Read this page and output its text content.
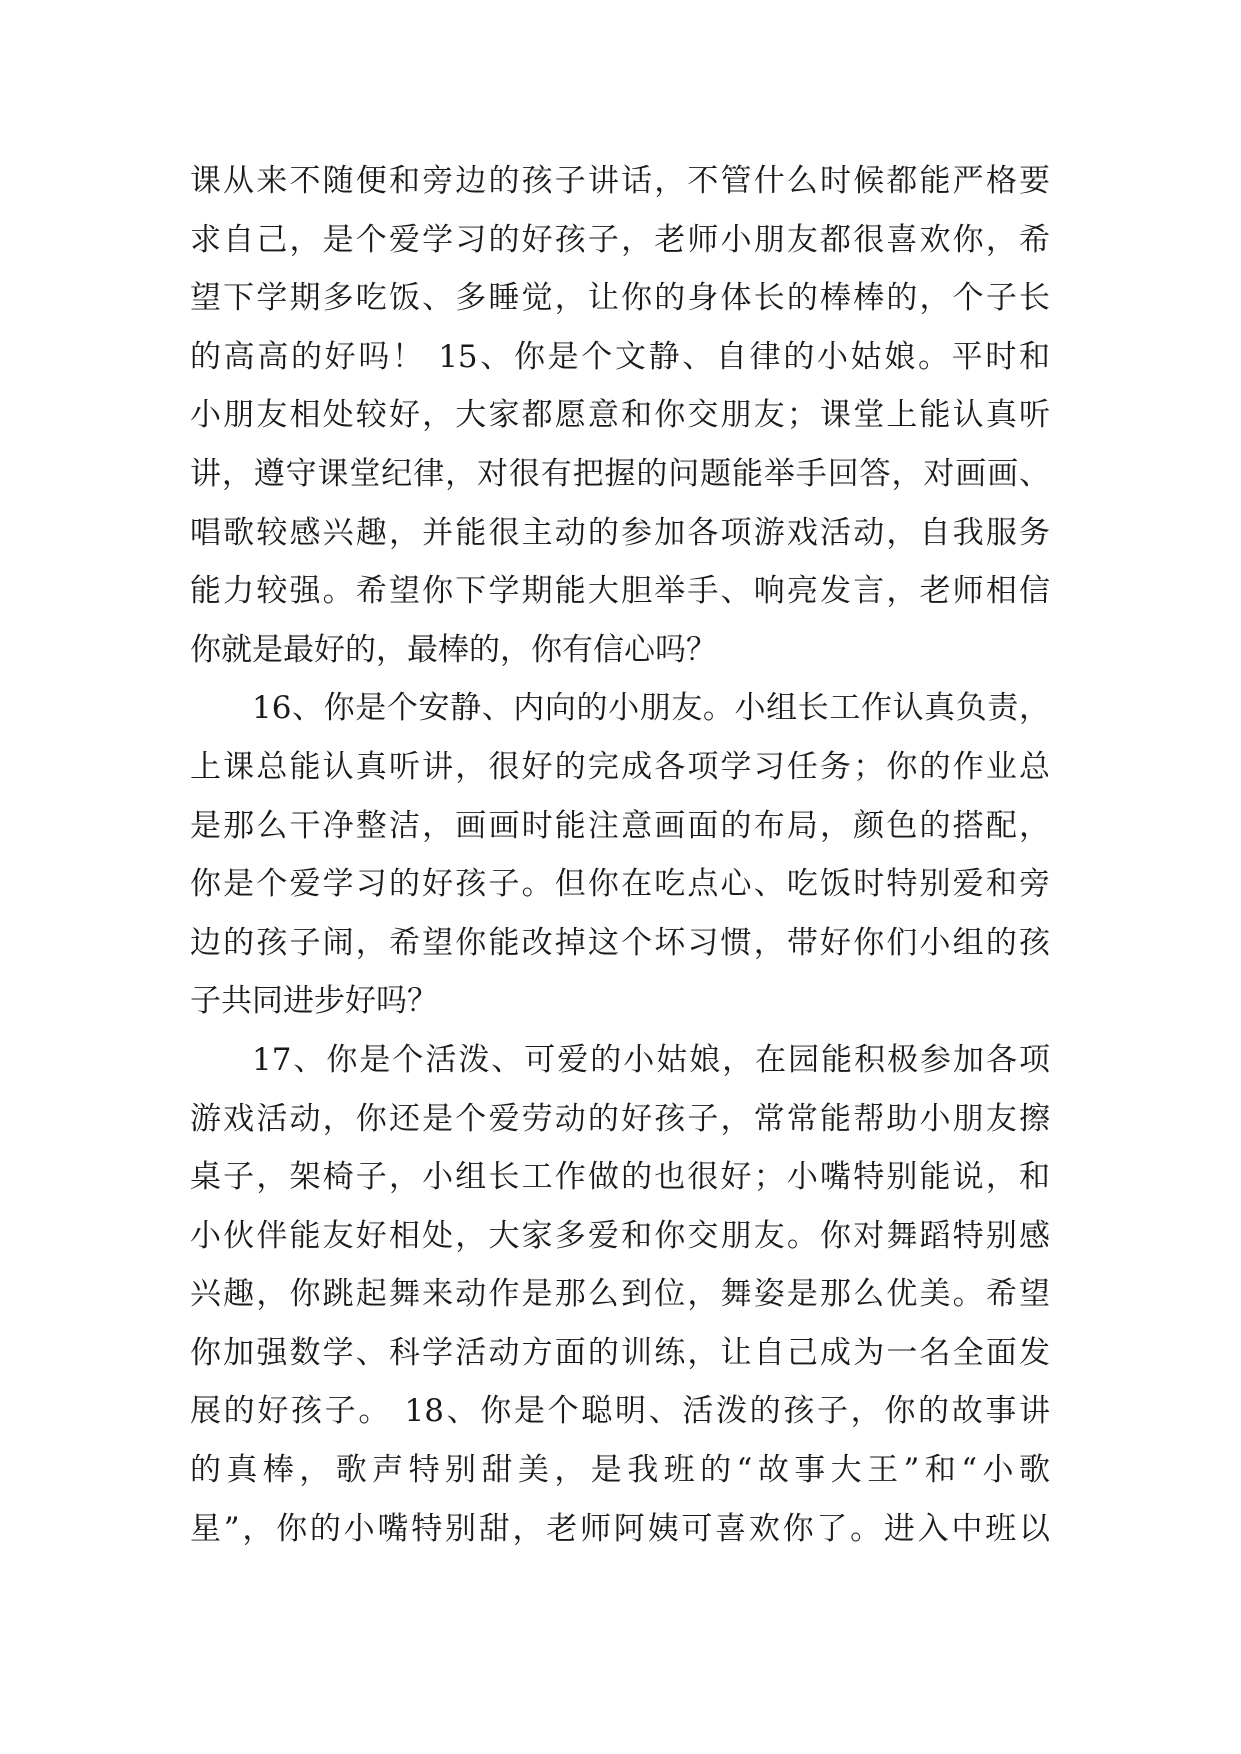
课从来不随便和旁边的孩子讲话，不管什么时候都能严格要
求自己，是个爱学习的好孩子，老师小朋友都很喜欢你，希
望下学期多吃饭、多睡觉，让你的身体长的棒棒的，个子长
的高高的好吗！ 15、你是个文静、自律的小姑娘。平时和
小朋友相处较好，大家都愿意和你交朋友；课堂上能认真听
讲，遵守课堂纪律，对很有把握的问题能举手回答，对画画、
唱歌较感兴趣，并能很主动的参加各项游戏活动，自我服务
能力较强。希望你下学期能大胆举手、响亮发言，老师相信
你就是最好的，最棒的，你有信心吗？
16、你是个安静、内向的小朋友。小组长工作认真负责，
上课总能认真听讲，很好的完成各项学习任务；你的作业总
是那么干净整洁，画画时能注意画面的布局，颜色的搭配，
你是个爱学习的好孩子。但你在吃点心、吃饭时特别爱和旁
边的孩子闹，希望你能改掉这个坏习惯，带好你们小组的孩
子共同进步好吗？
17、你是个活泼、可爱的小姑娘，在园能积极参加各项
游戏活动，你还是个爱劳动的好孩子，常常能帮助小朋友擦
桌子，架椅子，小组长工作做的也很好；小嘴特别能说，和
小伙伴能友好相处，大家多爱和你交朋友。你对舞蹈特别感
兴趣，你跳起舞来动作是那么到位，舞姿是那么优美。希望
你加强数学、科学活动方面的训练，让自己成为一名全面发
展的好孩子。 18、你是个聪明、活泼的孩子，你的故事讲
的真棒，歌声特别甜美，是我班的“故事大王”和“小歌
星”，你的小嘴特别甜，老师阿姨可喜欢你了。进入中班以
